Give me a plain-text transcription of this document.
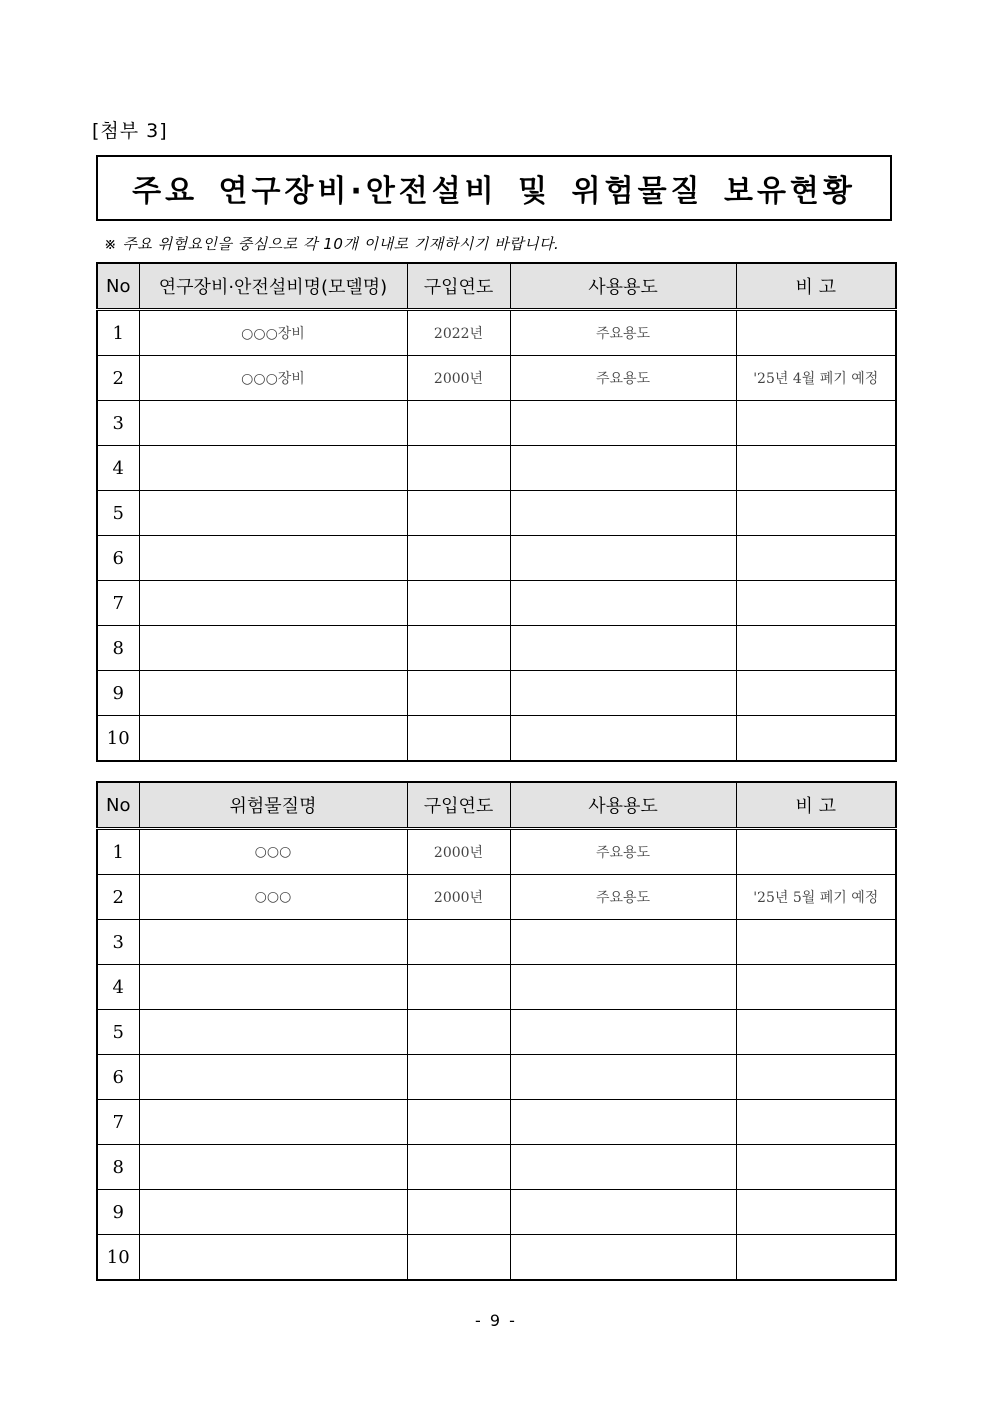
[첨부 3]
주요 연구장비·안전설비 및 위험물질 보유현황
※ 주요 위험요인을 중심으로 각 10개 이내로 기재하시기 바랍니다.
No	연구장비·안전설비명(모델명)	구입연도	사용용도	비 고
1	○○○장비	2022년	주요용도	
2	○○○장비	2000년	주요용도	'25년 4월 폐기 예정
3				
4				
5				
6				
7				
8				
9				
10				
No	위험물질명	구입연도	사용용도	비 고
1	○○○	2000년	주요용도	
2	○○○	2000년	주요용도	'25년 5월 폐기 예정
3				
4				
5				
6				
7				
8				
9				
10				
- 9 -
